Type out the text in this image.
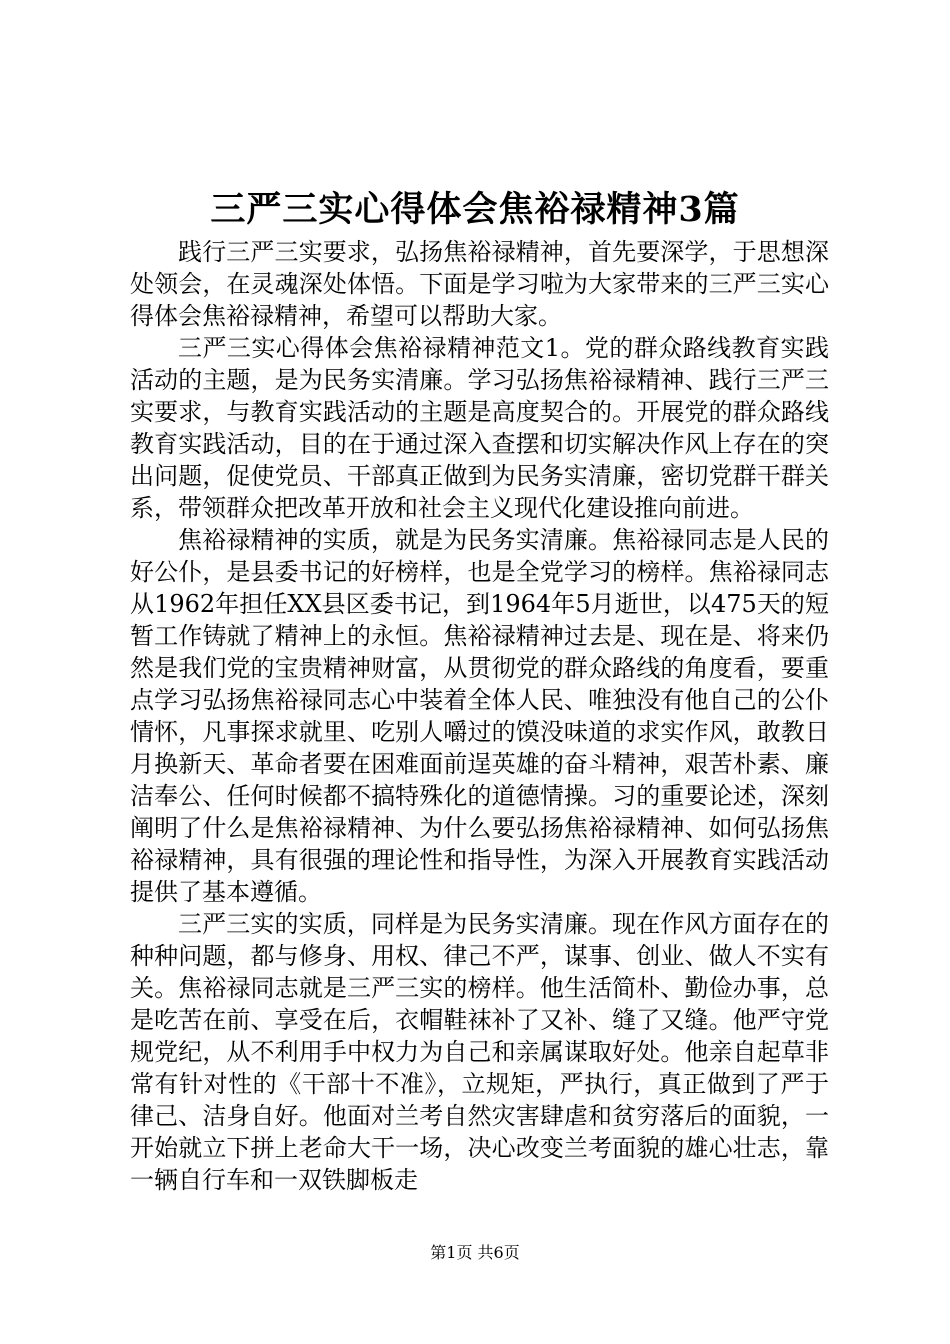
三严三实心得体会焦裕禄精神3篇

践行三严三实要求，弘扬焦裕禄精神，首先要深学，于思想深处领会，在灵魂深处体悟。下面是学习啦为大家带来的三严三实心得体会焦裕禄精神，希望可以帮助大家。

三严三实心得体会焦裕禄精神范文1。党的群众路线教育实践活动的主题，是为民务实清廉。学习弘扬焦裕禄精神、践行三严三实要求，与教育实践活动的主题是高度契合的。开展党的群众路线教育实践活动，目的在于通过深入查摆和切实解决作风上存在的突出问题，促使党员、干部真正做到为民务实清廉，密切党群干群关系，带领群众把改革开放和社会主义现代化建设推向前进。

焦裕禄精神的实质，就是为民务实清廉。焦裕禄同志是人民的好公仆，是县委书记的好榜样，也是全党学习的榜样。焦裕禄同志从1962年担任XX县区委书记，到1964年5月逝世，以475天的短暂工作铸就了精神上的永恒。焦裕禄精神过去是、现在是、将来仍然是我们党的宝贵精神财富，从贯彻党的群众路线的角度看，要重点学习弘扬焦裕禄同志心中装着全体人民、唯独没有他自己的公仆情怀，凡事探求就里、吃别人嚼过的馍没味道的求实作风，敢教日月换新天、革命者要在困难面前逞英雄的奋斗精神，艰苦朴素、廉洁奉公、任何时候都不搞特殊化的道德情操。习的重要论述，深刻阐明了什么是焦裕禄精神、为什么要弘扬焦裕禄精神、如何弘扬焦裕禄精神，具有很强的理论性和指导性，为深入开展教育实践活动提供了基本遵循。

三严三实的实质，同样是为民务实清廉。现在作风方面存在的种种问题，都与修身、用权、律己不严，谋事、创业、做人不实有关。焦裕禄同志就是三严三实的榜样。他生活简朴、勤俭办事，总是吃苦在前、享受在后，衣帽鞋袜补了又补、缝了又缝。他严守党规党纪，从不利用手中权力为自己和亲属谋取好处。他亲自起草非常有针对性的《干部十不准》，立规矩，严执行，真正做到了严于律己、洁身自好。他面对兰考自然灾害肆虐和贫穷落后的面貌，一开始就立下拼上老命大干一场，决心改变兰考面貌的雄心壮志，靠一辆自行车和一双铁脚板走

第1页 共6页
